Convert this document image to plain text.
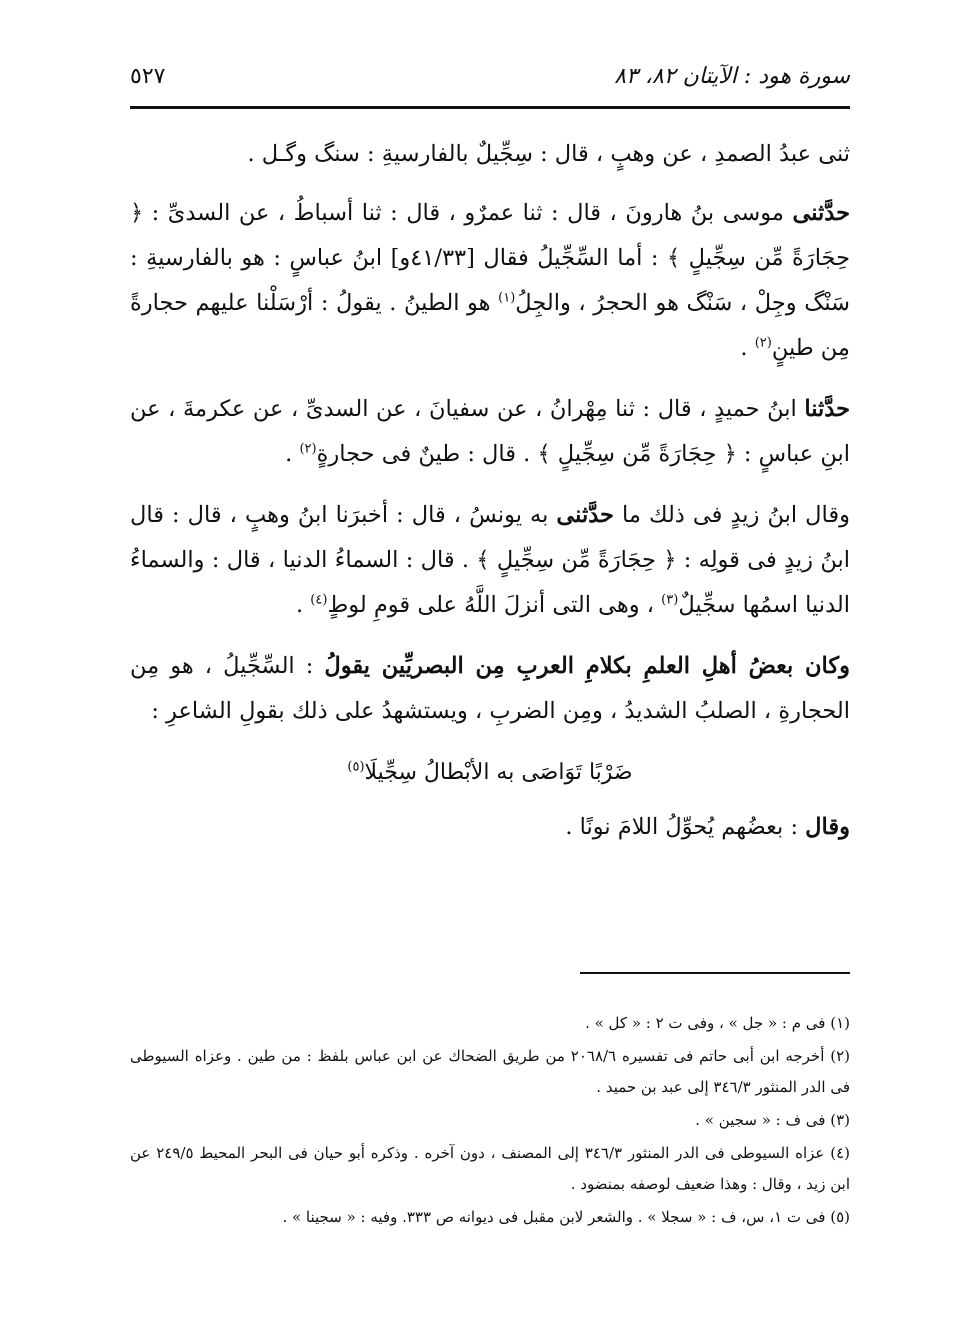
سورة هود : الآيتان ٨٢، ٨٣
٥٢٧

ثنى عبدُ الصمدِ ، عن وهبٍ ، قال : سِجِّيلٌ بالفارسيةِ : سنگ وگـل .

حدَّثنى موسى بنُ هارونَ ، قال : ثنا عمرٌو ، قال : ثنا أسباطُ ، عن السدىِّ : ﴿ حِجَارَةً مِّن سِجِّيلٍ ﴾ : أما السِّجِّيلُ فقال [٤١/٣٣و] ابنُ عباسٍ : هو بالفارسيةِ : سَنْگ وجِلْ ، سَنْگ هو الحجرُ ، والجِلُ$^{(١)}$ هو الطينُ . يقولُ : أرْسَلْنا عليهم حجارةً مِن طينٍ$^{(٢)}$ .

حدَّثنا ابنُ حميدٍ ، قال : ثنا مِهْرانُ ، عن سفيانَ ، عن السدىِّ ، عن عكرمةَ ، عن ابنِ عباسٍ : ﴿ حِجَارَةً مِّن سِجِّيلٍ ﴾ . قال : طينٌ فى حجارةٍ$^{(٢)}$ .

وقال ابنُ زيدٍ فى ذلك ما حدَّثنى به يونسُ ، قال : أخبرَنا ابنُ وهبٍ ، قال : قال ابنُ زيدٍ فى قولِه : ﴿ حِجَارَةً مِّن سِجِّيلٍ ﴾ . قال : السماءُ الدنيا ، قال : والسماءُ الدنيا اسمُها سجِّيلٌ$^{(٣)}$ ، وهى التى أنزلَ اللَّهُ على قومِ لوطٍ$^{(٤)}$ .

وكان بعضُ أهلِ العلمِ بكلامِ العربِ مِن البصريِّين يقولُ : السِّجِّيلُ ، هو مِن الحجارةِ ، الصلبُ الشديدُ ، ومِن الضربِ ، ويستشهدُ على ذلك بقولِ الشاعرِ :

ضَرْبًا تَوَاصَى به الأبْطالُ سِجِّيلَا$^{(٥)}$

وقال : بعضُهم يُحوِّلُ اللامَ نونًا .

(١) فى م : « جل » ، وفى ت ٢ : « كل » .

(٢) أخرجه ابن أبى حاتم فى تفسيره ٢٠٦٨/٦ من طريق الضحاك عن ابن عباس بلفظ : من طين . وعزاه السيوطى فى الدر المنثور ٣٤٦/٣ إلى عبد بن حميد .

(٣) فى ف : « سجين » .

(٤) عزاه السيوطى فى الدر المنثور ٣٤٦/٣ إلى المصنف ، دون آخره . وذكره أبو حيان فى البحر المحيط ٢٤٩/٥ عن ابن زيد ، وقال : وهذا ضعيف لوصفه بمنضود .

(٥) فى ت ١، س، ف : « سجلا » . والشعر لابن مقبل فى ديوانه ص ٣٣٣. وفيه : « سجينا » .
